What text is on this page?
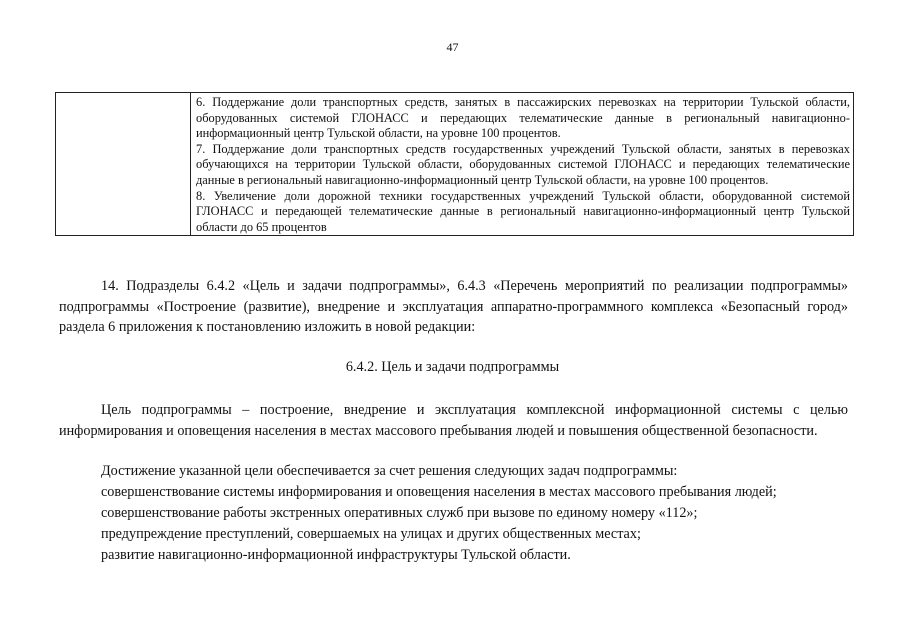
47

6. Поддержание доли транспортных средств, занятых в пассажирских перевозках на территории Тульской области, оборудованных системой ГЛОНАСС и передающих телематические данные в региональный навигационно-информационный центр Тульской области, на уровне 100 процентов.

7. Поддержание доли транспортных средств государственных учреждений Тульской области, занятых в перевозках обучающихся на территории Тульской области, оборудованных системой ГЛОНАСС и передающих телематические данные в региональный навигационно-информационный центр Тульской области, на уровне 100 процентов.

8. Увеличение доли дорожной техники государственных учреждений Тульской области, оборудованной системой ГЛОНАСС и передающей телематические данные в региональный навигационно-информационный центр Тульской области до 65 процентов

14. Подразделы 6.4.2 «Цель и задачи подпрограммы», 6.4.3 «Перечень мероприятий по реализации подпрограммы» подпрограммы «Построение (развитие), внедрение и эксплуатация аппаратно-программного комплекса «Безопасный город» раздела 6 приложения к постановлению изложить в новой редакции:

6.4.2. Цель и задачи подпрограммы

Цель подпрограммы – построение, внедрение и эксплуатация комплексной информационной системы с целью информирования и оповещения населения в местах массового пребывания людей и повышения общественной безопасности.

Достижение указанной цели обеспечивается за счет решения следующих задач подпрограммы:

совершенствование системы информирования и оповещения населения в местах массового пребывания людей;

совершенствование работы экстренных оперативных служб при вызове по единому номеру «112»;

предупреждение преступлений, совершаемых на улицах и других общественных местах;

развитие навигационно-информационной инфраструктуры Тульской области.
